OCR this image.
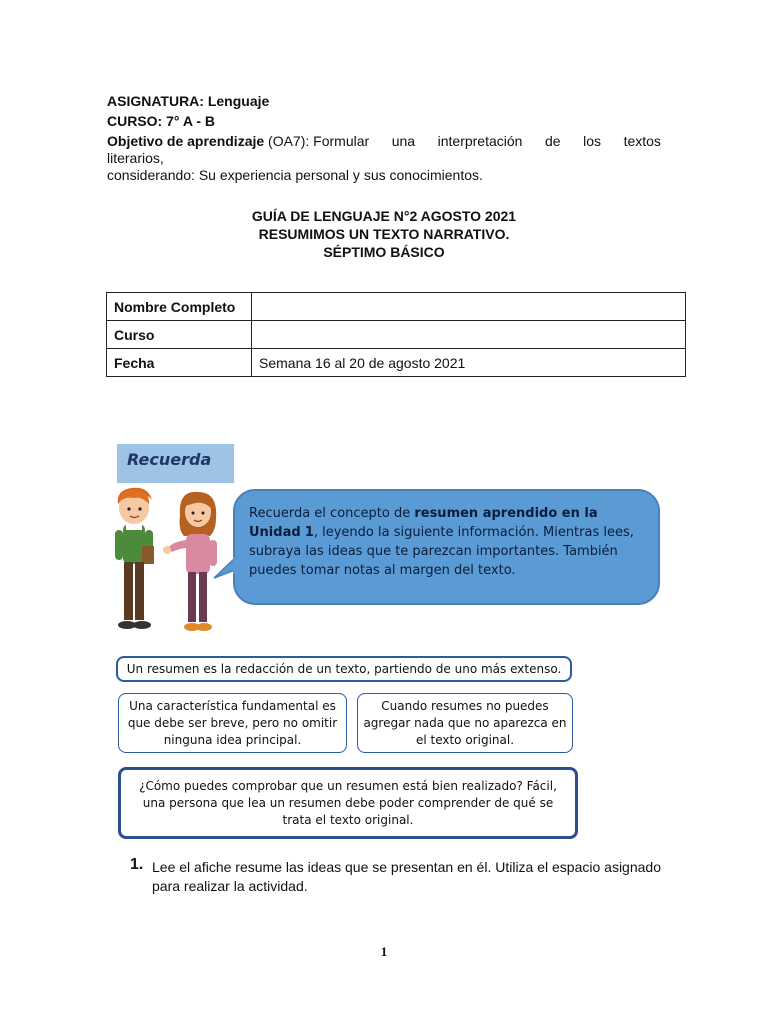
ASIGNATURA: Lenguaje
CURSO: 7° A - B
Objetivo de aprendizaje (OA7): Formular una interpretación de los textos
literarios,
considerando: Su experiencia personal y sus conocimientos.
GUÍA DE LENGUAJE N°2 AGOSTO 2021
RESUMIMOS UN TEXTO NARRATIVO.
SÉPTIMO BÁSICO
Nombre Completo	
Curso	
Fecha	Semana 16 al 20 de agosto 2021
Recuerda
Recuerda el concepto de resumen aprendido en la Unidad 1, leyendo la siguiente información. Mientras lees, subraya las ideas que te parezcan importantes. También puedes tomar notas al margen del texto.
Un resumen es la redacción de un texto, partiendo de uno más extenso.
Una característica fundamental es que debe ser breve, pero no omitir ninguna idea principal.
Cuando resumes no puedes agregar nada que no aparezca en el texto original.
¿Cómo puedes comprobar que un resumen está bien realizado? Fácil, una persona que lea un resumen debe poder comprender de qué se trata el texto original.
1. Lee el afiche resume las ideas que se presentan en él. Utiliza el espacio asignado para realizar la actividad.
1
